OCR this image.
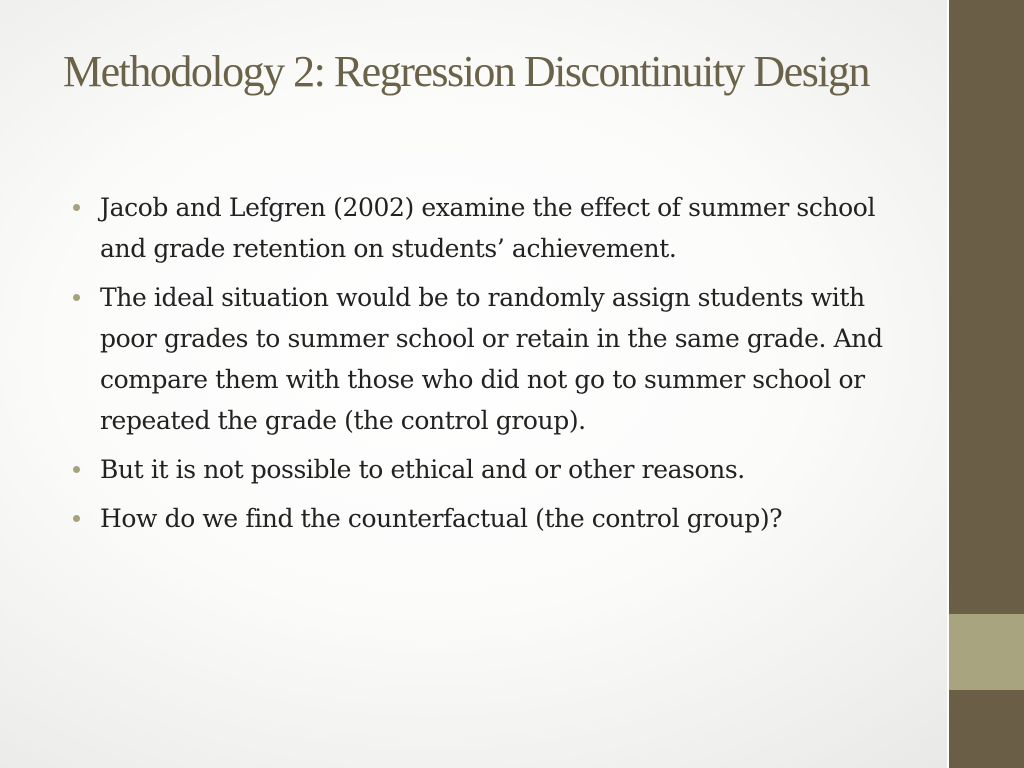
Methodology 2: Regression Discontinuity Design
Jacob and Lefgren (2002) examine the effect of summer school and grade retention on students’ achievement.
The ideal situation would be to randomly assign students with poor grades to summer school or retain in the same grade. And compare them with those who did not go to summer school or repeated the grade (the control group).
But it is not possible to ethical and or other reasons.
How do we find the counterfactual (the control group)?
